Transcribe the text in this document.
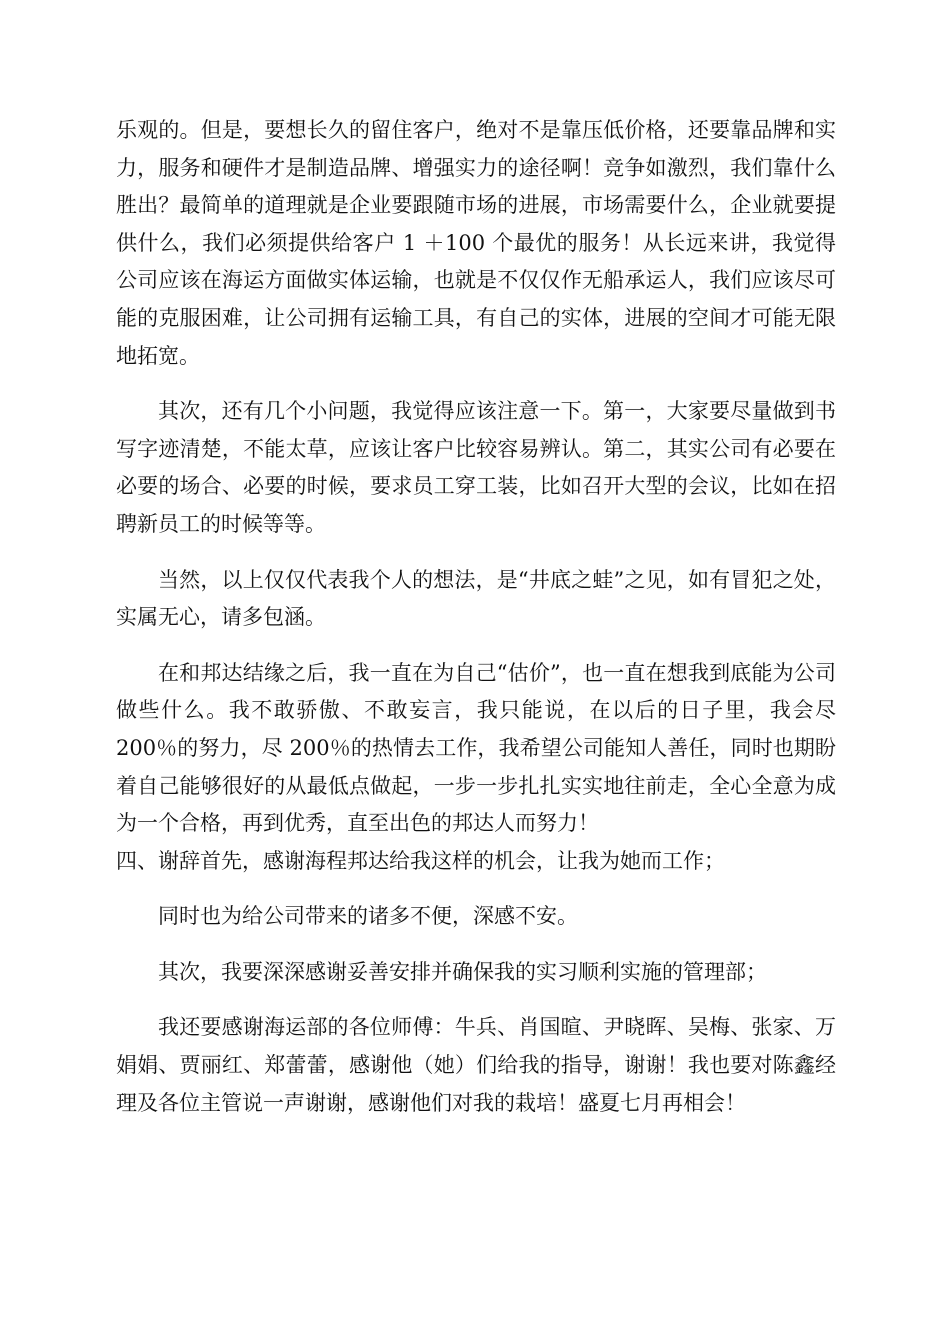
乐观的。但是，要想长久的留住客户，绝对不是靠压低价格，还要靠品牌和实力，服务和硬件才是制造品牌、增强实力的途径啊！竞争如激烈，我们靠什么胜出？最简单的道理就是企业要跟随市场的进展，市场需要什么，企业就要提供什么，我们必须提供给客户 1 ＋100 个最优的服务！从长远来讲，我觉得公司应该在海运方面做实体运输，也就是不仅仅作无船承运人，我们应该尽可能的克服困难，让公司拥有运输工具，有自己的实体，进展的空间才可能无限地拓宽。

其次，还有几个小问题，我觉得应该注意一下。第一，大家要尽量做到书写字迹清楚，不能太草，应该让客户比较容易辨认。第二，其实公司有必要在必要的场合、必要的时候，要求员工穿工装，比如召开大型的会议，比如在招聘新员工的时候等等。

当然，以上仅仅代表我个人的想法，是“井底之蛙”之见，如有冒犯之处，实属无心，请多包涵。

在和邦达结缘之后，我一直在为自己“估价”，也一直在想我到底能为公司做些什么。我不敢骄傲、不敢妄言，我只能说，在以后的日子里，我会尽 200％的努力，尽 200％的热情去工作，我希望公司能知人善任，同时也期盼着自己能够很好的从最低点做起，一步一步扎扎实实地往前走，全心全意为成为一个合格，再到优秀，直至出色的邦达人而努力！

四、谢辞首先，感谢海程邦达给我这样的机会，让我为她而工作；

同时也为给公司带来的诸多不便，深感不安。

其次，我要深深感谢妥善安排并确保我的实习顺利实施的管理部；

我还要感谢海运部的各位师傅：牛兵、肖国暄、尹晓晖、吴梅、张家、万娟娟、贾丽红、郑蕾蕾，感谢他（她）们给我的指导，谢谢！我也要对陈鑫经理及各位主管说一声谢谢，感谢他们对我的栽培！盛夏七月再相会！
